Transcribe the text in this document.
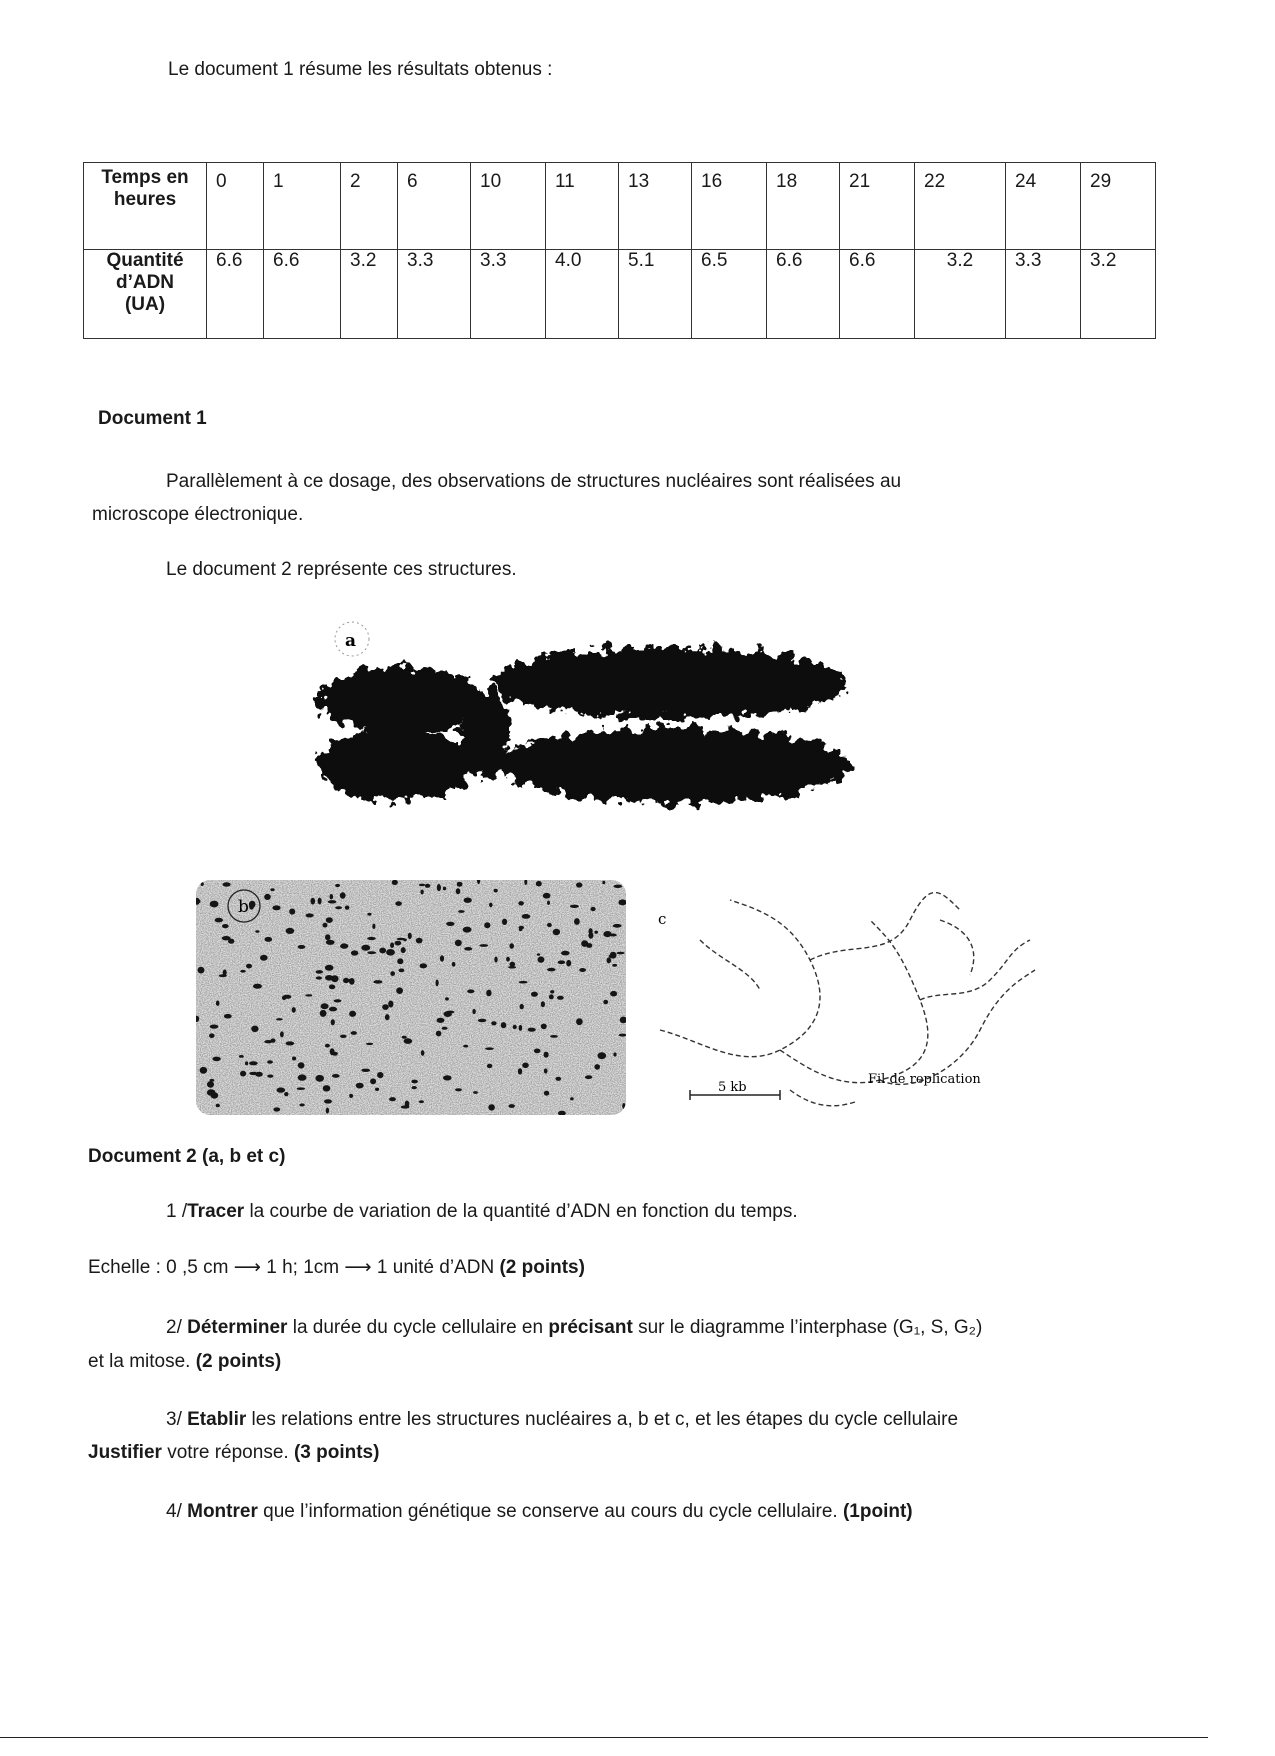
Le document 1 résume les résultats obtenus :
Temps en
heures	0	1	2	6	10	11	13	16	18	21	22	24	29

Quantité
d’ADN
(UA)	6.6	6.6	3.2	3.3	3.3	4.0	5.1	6.5	6.6	6.6	3.2	3.3	3.2
Document 1
Parallèlement à ce dosage, des observations de structures nucléaires sont réalisées au
microscope électronique.
Le document 2 représente ces structures.
a
b
c
5 kb
Fil de replication
Document 2 (a, b et c)
1 /Tracer la courbe de variation de la quantité d’ADN en fonction du temps.
Echelle : 0 ,5 cm ⟶ 1 h; 1cm ⟶ 1 unité d’ADN (2 points)
2/ Déterminer la durée du cycle cellulaire en précisant sur le diagramme l’interphase (G₁, S, G₂)
et la mitose. (2 points)
3/ Etablir les relations entre les structures nucléaires a, b et c, et les étapes du cycle cellulaire
Justifier votre réponse. (3 points)
4/ Montrer que l’information génétique se conserve au cours du cycle cellulaire. (1point)
